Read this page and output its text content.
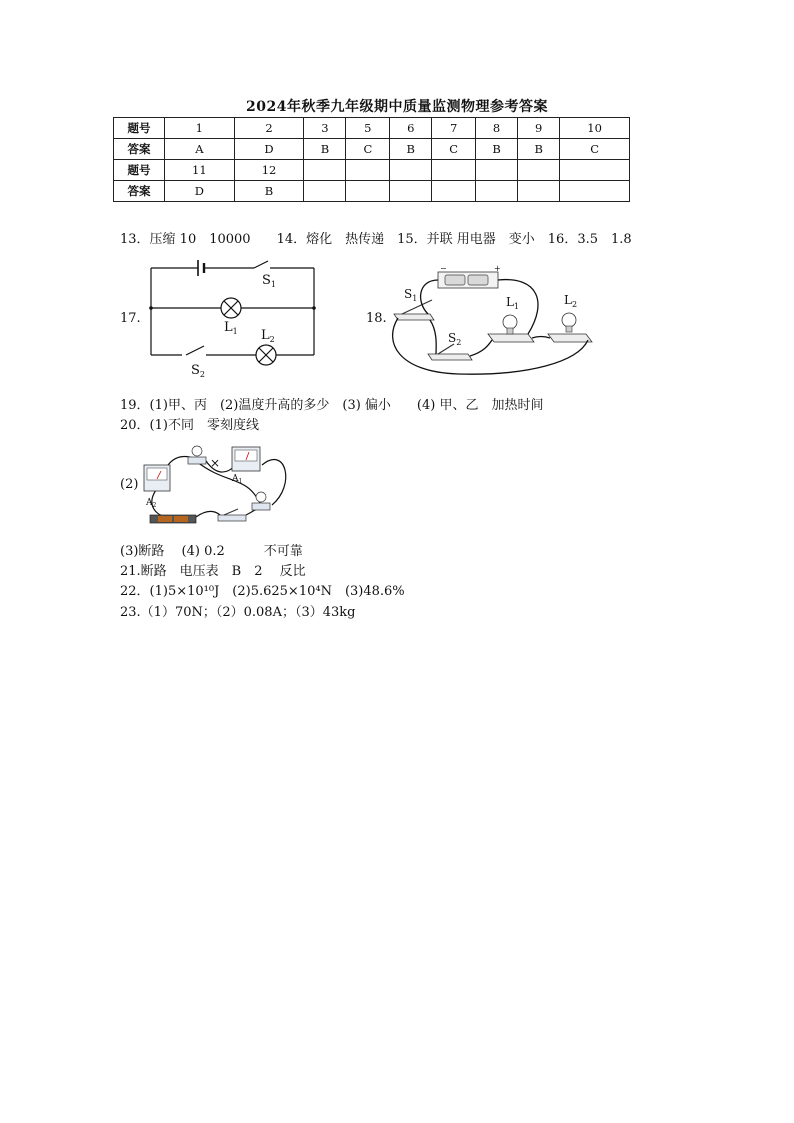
2024年秋季九年级期中质量监测物理参考答案
题号	1	2	3	5	6	7	8	9	10
答案	A	D	B	C	B	C	B	B	C
题号	11	12							
答案	D	B							
13．压缩 10　10000　　14．熔化　热传递　15．并联 用电器　变小　16．3.5　1.8
17.
$S_1$
$L_1$ $L_2$
$S_2$
18.
−	+
$S_1$
$S_2$
$L_1$	$L_2$
19．(1)甲、丙　(2)温度升高的多少　(3) 偏小　　(4) 甲、乙　加热时间
20．(1)不同　零刻度线
(2)
$A_2$
×
$A_1$
(3)断路　 (4) 0.2　　　不可靠
21.断路　电压表　B　2　 反比
22．(1)5×10¹⁰J　(2)5.625×10⁴N　(3)48.6%
23.（1）70N；（2）0.08A；（3）43kg
